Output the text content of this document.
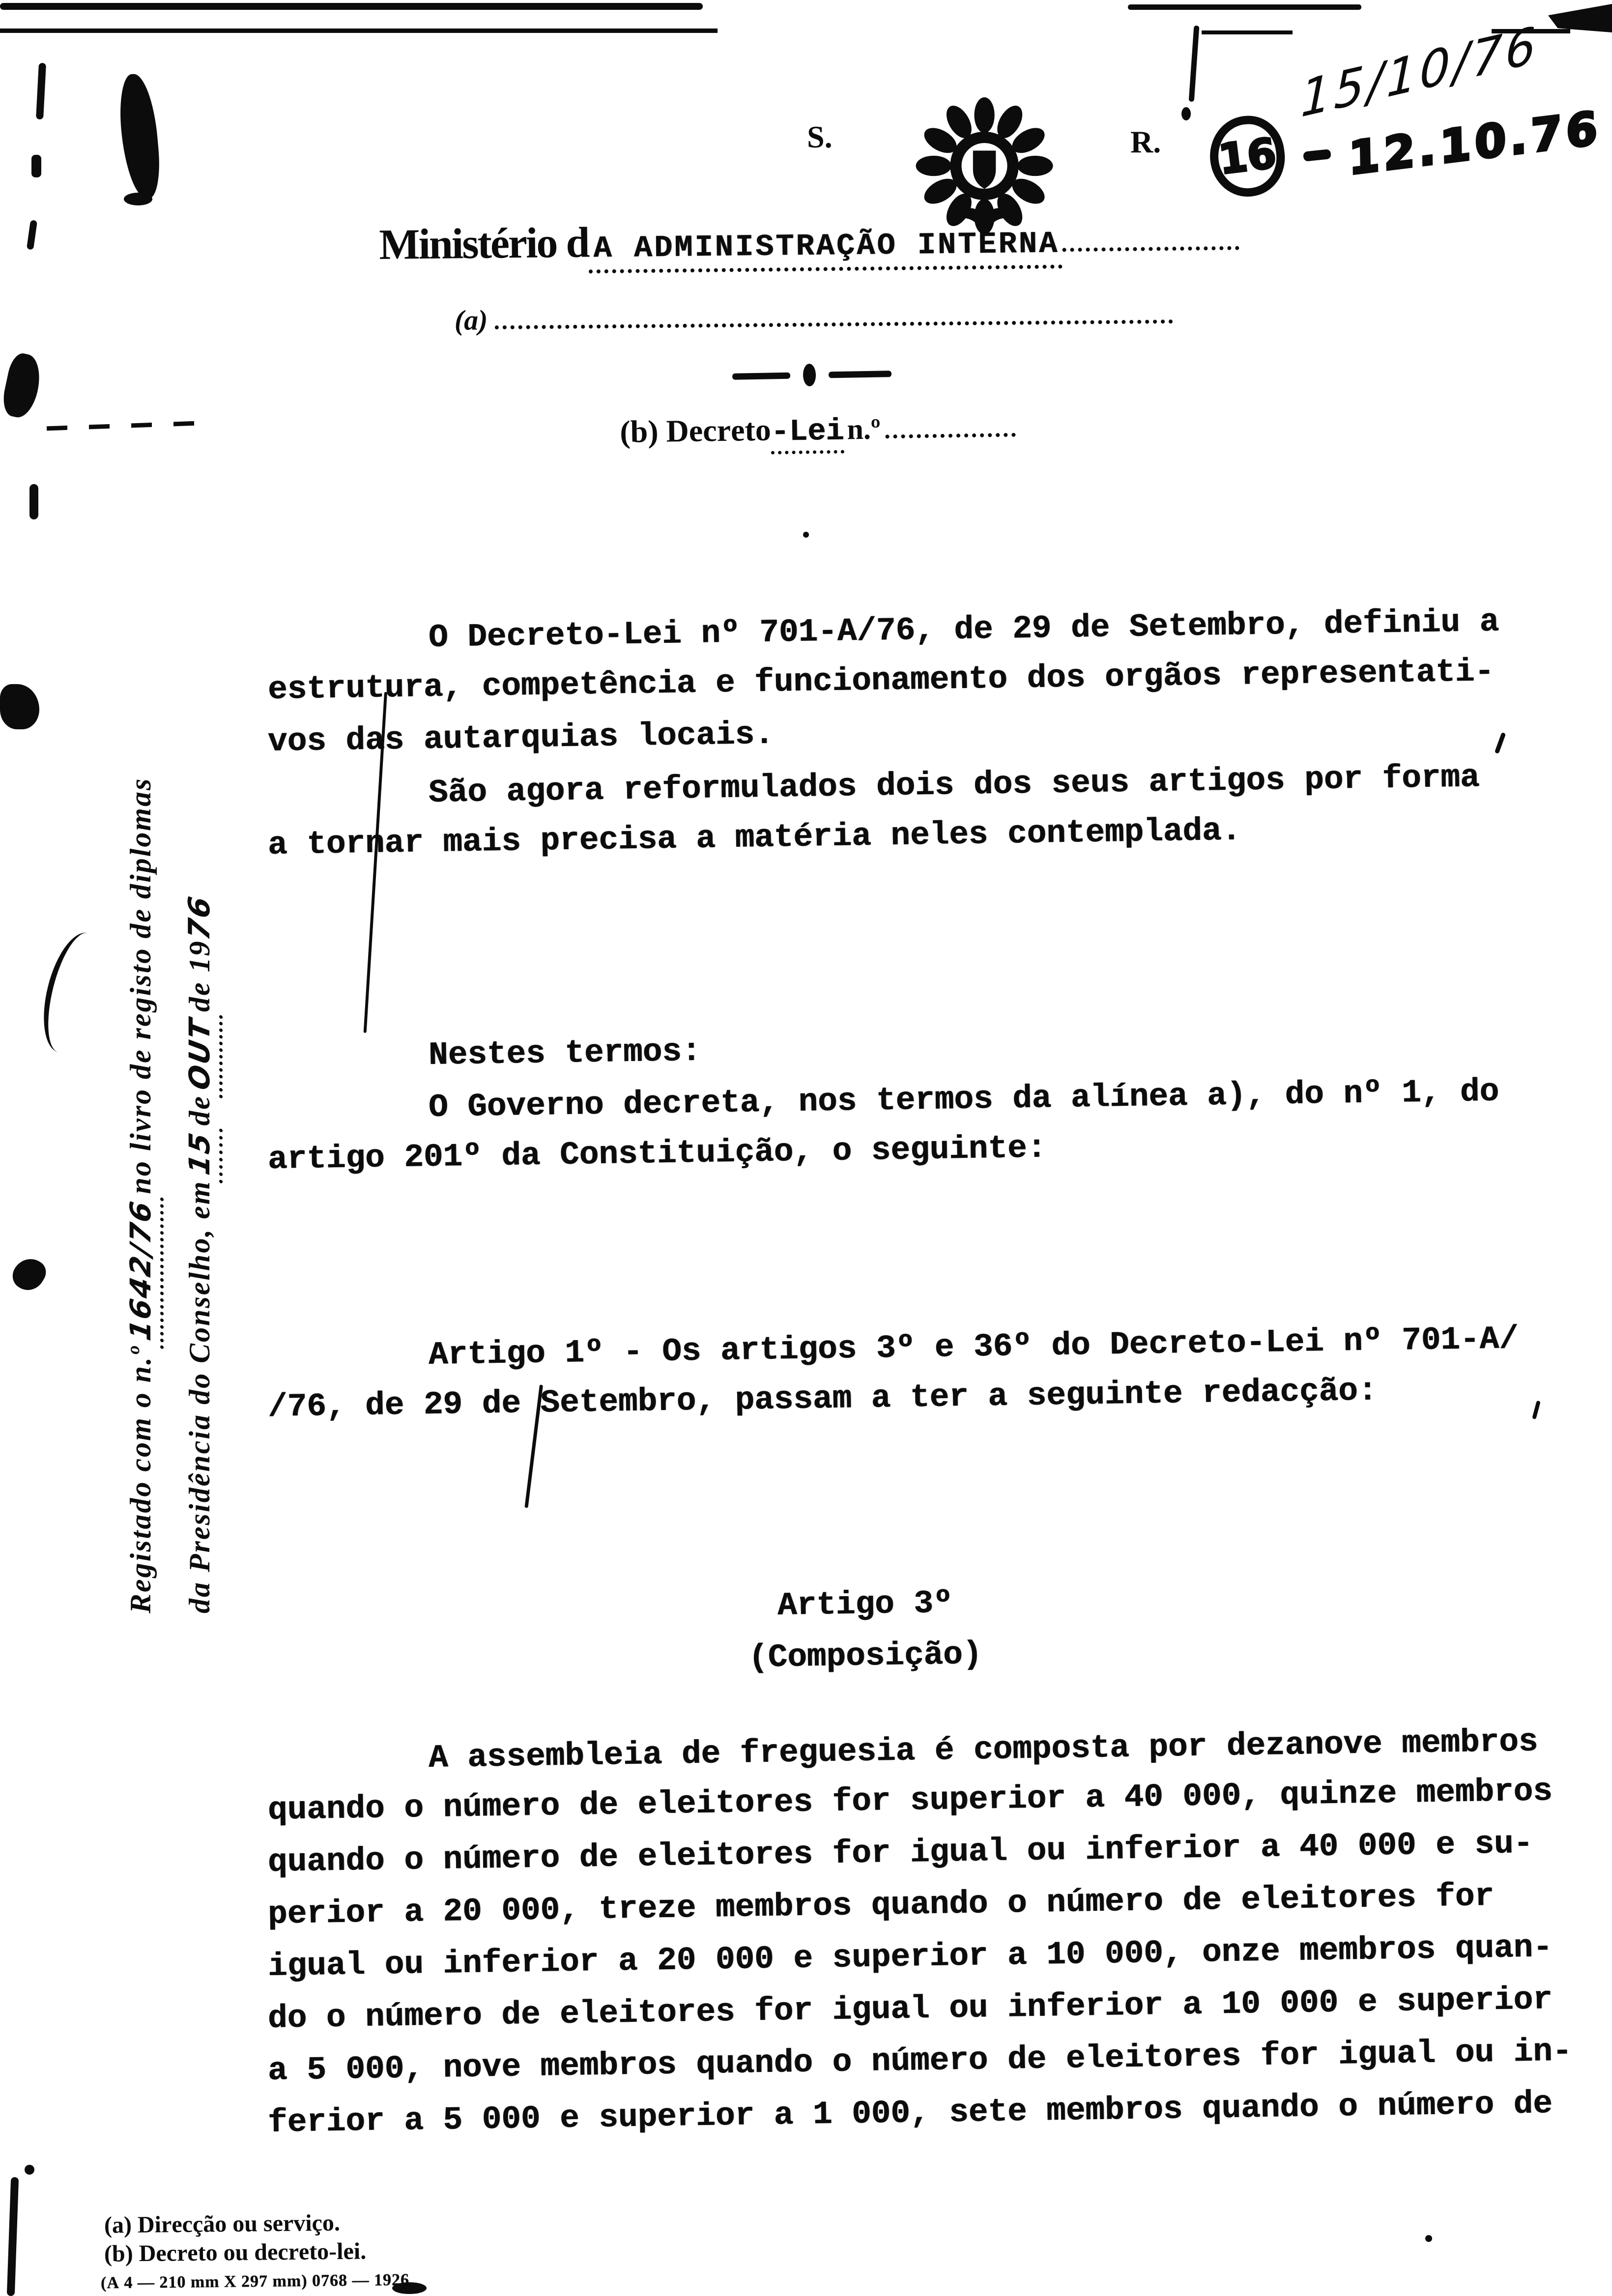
S.	R.
15/10/76
16 12.10.76
Ministério d A ADMINISTRAÇÃO INTERNA
(a)
(b) Decreto -Lei n.º

Registado com o n.º1642/76no livro de registo de diplomas

da Presidência do Conselho, em15deOUTde 1976

O Decreto-Lei nº 701-A/76, de 29 de Setembro, definiu a
estrutura, competência e funcionamento dos orgãos representati-
vos das autarquias locais.
São agora reformulados dois dos seus artigos por forma
a tornar mais precisa a matéria neles contemplada.
Nestes termos:
O Governo decreta, nos termos da alínea a), do nº 1, do
artigo 201º da Constituição, o seguinte:
Artigo 1º - Os artigos 3º e 36º do Decreto-Lei nº 701-A/
/76, de 29 de Setembro, passam a ter a seguinte redacção:
Artigo 3º
(Composição)
A assembleia de freguesia é composta por dezanove membros
quando o número de eleitores for superior a 40 000, quinze membros
quando o número de eleitores for igual ou inferior a 40 000 e su-
perior a 20 000, treze membros quando o número de eleitores for
igual ou inferior a 20 000 e superior a 10 000, onze membros quan-
do o número de eleitores for igual ou inferior a 10 000 e superior
a 5 000, nove membros quando o número de eleitores for igual ou in-
ferior a 5 000 e superior a 1 000, sete membros quando o número de
(a) Direcção ou serviço.
(b) Decreto ou decreto-lei.
(A 4 — 210 mm X 297 mm) 0768 — 1926
